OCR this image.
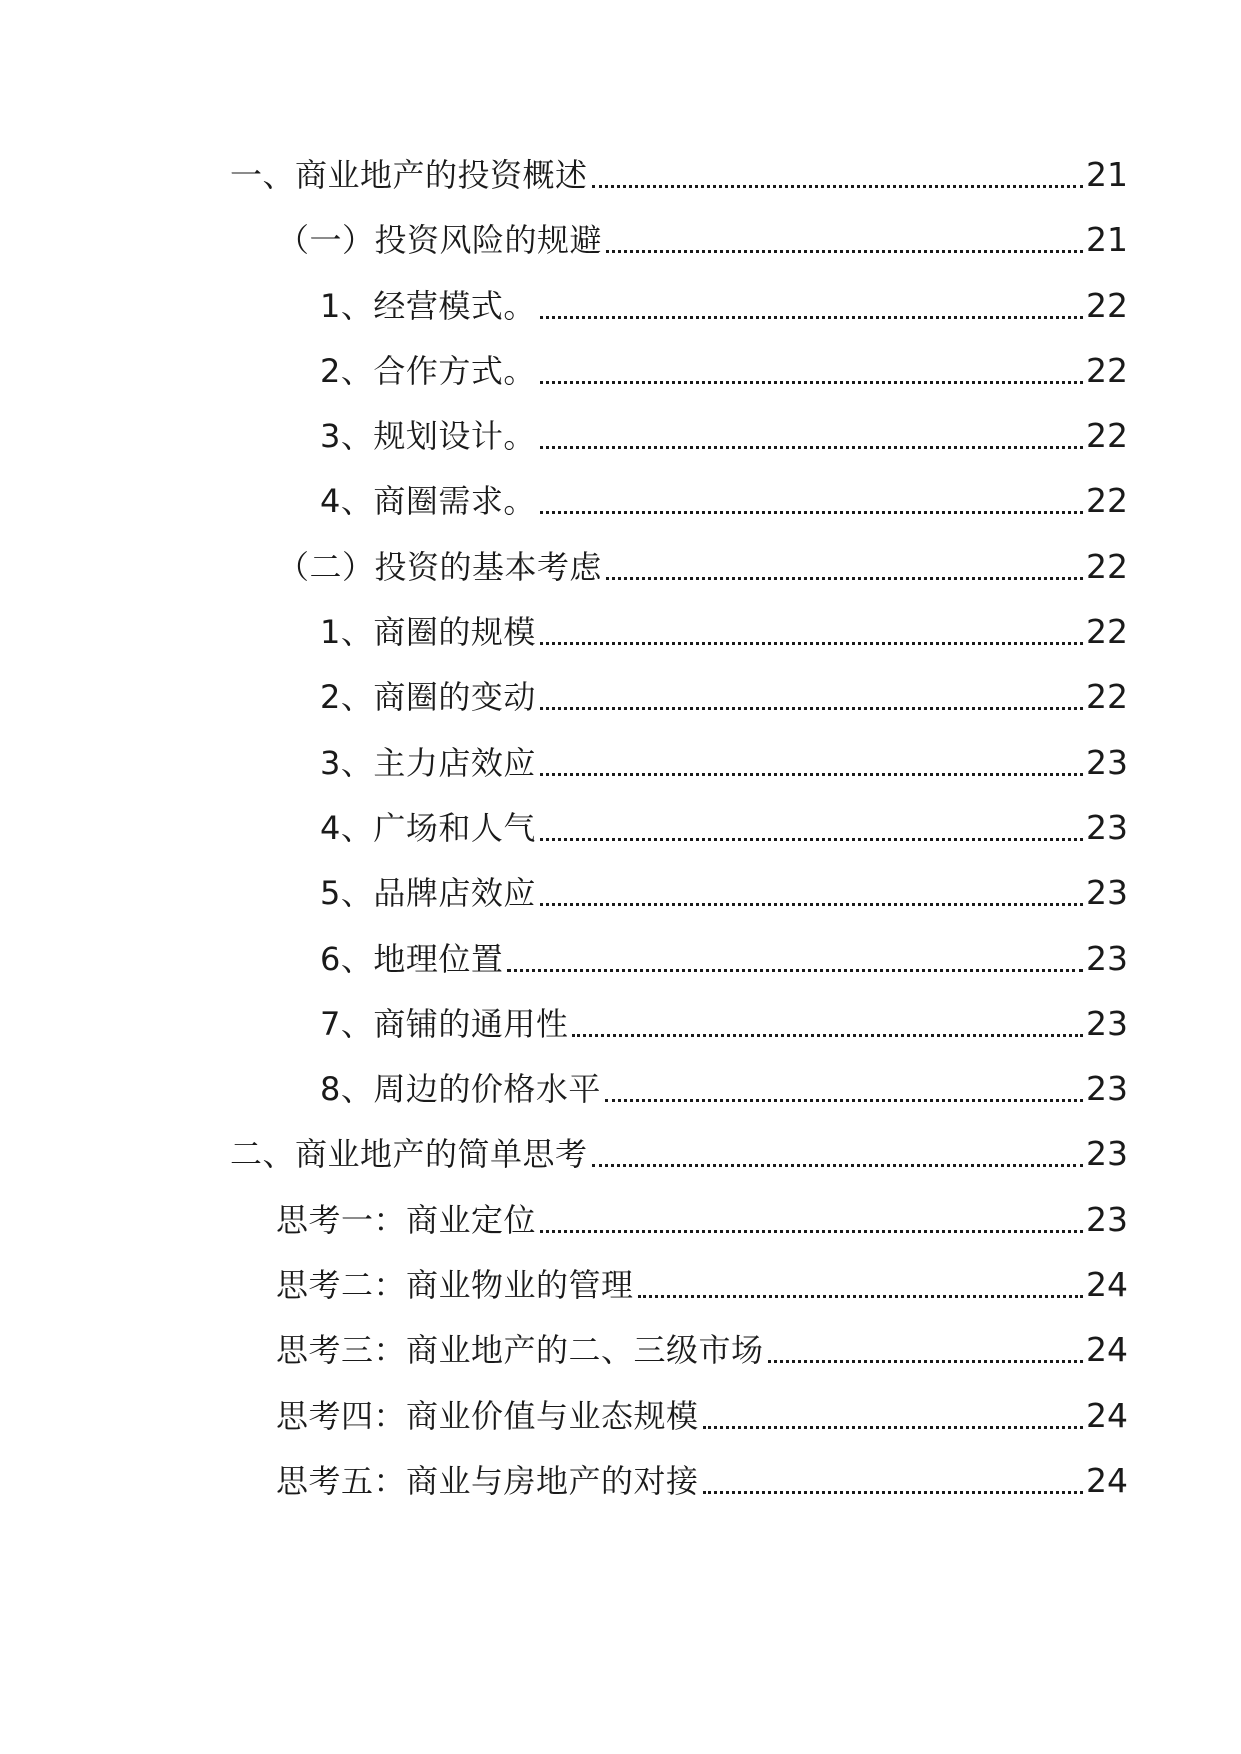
一、商业地产的投资概述	21
（一）投资风险的规避	21
1、经营模式。	22
2、合作方式。	22
3、规划设计。	22
4、商圈需求。	22
（二）投资的基本考虑	22
1、商圈的规模	22
2、商圈的变动	22
3、主力店效应	23
4、广场和人气	23
5、品牌店效应	23
6、地理位置	23
7、商铺的通用性	23
8、周边的价格水平	23
二、商业地产的简单思考	23
思考一：商业定位	23
思考二：商业物业的管理	24
思考三：商业地产的二、三级市场	24
思考四：商业价值与业态规模	24
思考五：商业与房地产的对接	24
